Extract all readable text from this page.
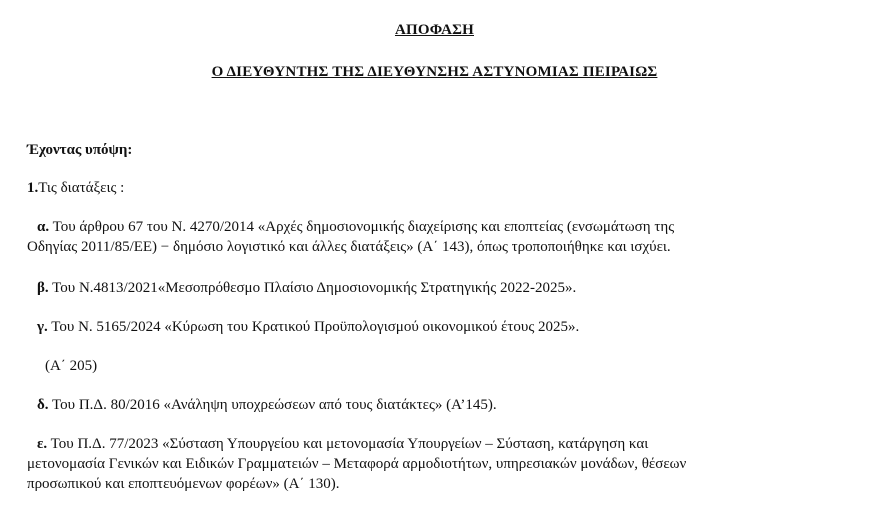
ΑΠΟΦΑΣΗ
Ο ΔΙΕΥΘΥΝΤΗΣ ΤΗΣ ΔΙΕΥΘΥΝΣΗΣ ΑΣΤΥΝΟΜΙΑΣ ΠΕΙΡΑΙΩΣ
Έχοντας υπόψη:
1.Τις διατάξεις :
α. Του άρθρου 67 του Ν. 4270/2014 «Αρχές δημοσιονομικής διαχείρισης και εποπτείας (ενσωμάτωση της
Οδηγίας 2011/85/ΕΕ) − δημόσιο λογιστικό και άλλες διατάξεις» (Α΄ 143), όπως τροποποιήθηκε και ισχύει.
β. Του Ν.4813/2021«Μεσοπρόθεσμο Πλαίσιο Δημοσιονομικής Στρατηγικής 2022-2025».
γ. Του Ν. 5165/2024 «Κύρωση του Κρατικού Προϋπολογισμού οικονομικού έτους 2025».
(Α΄ 205)
δ. Του Π.Δ. 80/2016 «Ανάληψη υποχρεώσεων από τους διατάκτες» (Α’145).
ε. Του Π.Δ. 77/2023 «Σύσταση Υπουργείου και μετονομασία Υπουργείων – Σύσταση, κατάργηση και
μετονομασία Γενικών και Ειδικών Γραμματειών – Μεταφορά αρμοδιοτήτων, υπηρεσιακών μονάδων, θέσεων
προσωπικού και εποπτευόμενων φορέων» (Α΄ 130).
